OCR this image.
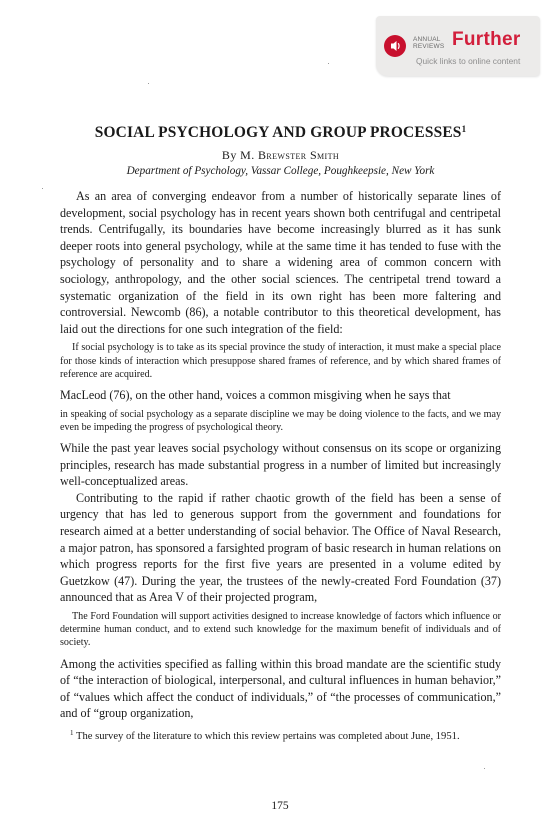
ANNUAL
REVIEWS Further
Quick links to online content
SOCIAL PSYCHOLOGY AND GROUP PROCESSES$^1$
By M. Brewster Smith
Department of Psychology, Vassar College, Poughkeepsie, New York

As an area of converging endeavor from a number of historically separate lines of development, social psychology has in recent years shown both centrifugal and centripetal trends. Centrifugally, its boundaries have become increasingly blurred as it has sunk deeper roots into general psychology, while at the same time it has tended to fuse with the psychology of personality and to share a widening area of common concern with sociology, anthropology, and the other social sciences. The centripetal trend toward a systematic organization of the field in its own right has been more faltering and controversial. Newcomb (86), a notable contributor to this theoretical development, has laid out the directions for one such integration of the field:

If social psychology is to take as its special province the study of interaction, it must make a special place for those kinds of interaction which presuppose shared frames of reference, and by which shared frames of reference are acquired.

MacLeod (76), on the other hand, voices a common misgiving when he says that

in speaking of social psychology as a separate discipline we may be doing violence to the facts, and we may even be impeding the progress of psychological theory.

While the past year leaves social psychology without consensus on its scope or organizing principles, research has made substantial progress in a number of limited but increasingly well-conceptualized areas.

Contributing to the rapid if rather chaotic growth of the field has been a sense of urgency that has led to generous support from the government and foundations for research aimed at a better understanding of social behavior. The Office of Naval Research, a major patron, has sponsored a farsighted program of basic research in human relations on which progress reports for the first five years are presented in a volume edited by Guetzkow (47). During the year, the trustees of the newly-created Ford Foundation (37) announced that as Area V of their projected program,

The Ford Foundation will support activities designed to increase knowledge of factors which influence or determine human conduct, and to extend such knowledge for the maximum benefit of individuals and of society.

Among the activities specified as falling within this broad mandate are the scientific study of “the interaction of biological, interpersonal, and cultural influences in human behavior,” of “values which affect the conduct of individuals,” of “the processes of communication,” and of “group organization,

$^1$ The survey of the literature to which this review pertains was completed about June, 1951.

175
